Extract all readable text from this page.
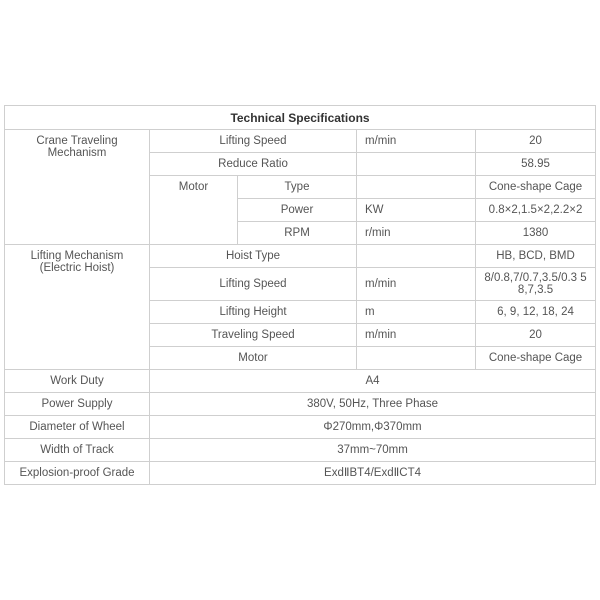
Technical Specifications				
Crane Traveling Mechanism	Lifting Speed		m/min	20
	Reduce Ratio			58.95
	Motor	Type		Cone-shape Cage
		Power	KW	0.8×2,1.5×2,2.2×2
		RPM	r/min	1380
Lifting Mechanism (Electric Hoist)	Hoist Type			HB, BCD, BMD
	Lifting Speed		m/min	8/0.8,7/0.7,3.5/0.3 5 8,7,3.5
	Lifting Height		m	6, 9, 12, 18, 24
	Traveling Speed		m/min	20
	Motor			Cone-shape Cage
Work Duty	A4			
Power Supply	380V, 50Hz, Three Phase			
Diameter of Wheel	Φ270mm,Φ370mm			
Width of Track	37mm~70mm			
Explosion-proof Grade	ExdⅡBT4/ExdⅡCT4			
